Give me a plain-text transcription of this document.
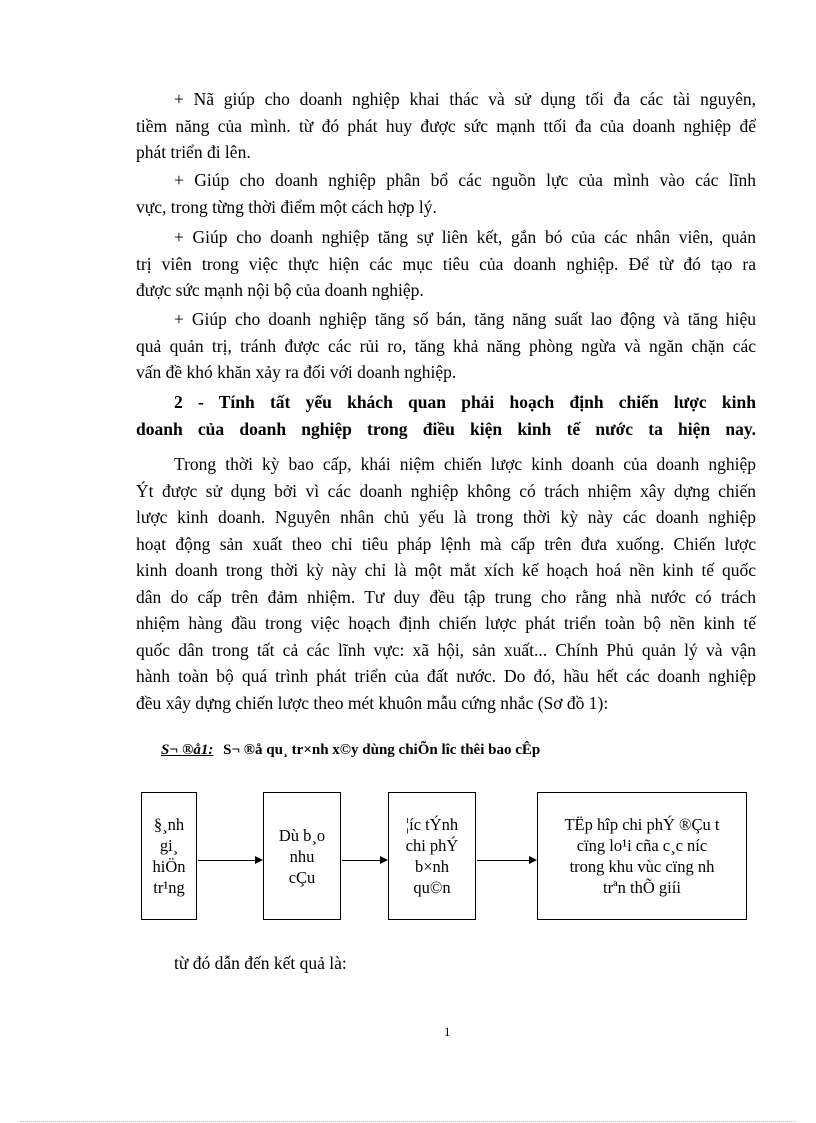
+ Nã giúp cho doanh nghiệp khai thác và sử dụng tối đa các tài nguyên,
tiềm năng của mình. từ đó phát huy được sức mạnh ttối đa của doanh nghiệp để
phát triển đi lên.

+ Giúp cho doanh nghiệp phân bổ các nguồn lực của mình vào các lĩnh
vực, trong từng thời điểm một cách hợp lý.

+ Giúp cho doanh nghiệp tăng sự liên kết, gắn bó của các nhân viên, quản
trị viên trong việc thực hiện các mục tiêu của doanh nghiệp. Để từ đó tạo ra
được sức mạnh nội bộ của doanh nghiệp.

+ Giúp cho doanh nghiệp tăng số bán, tăng năng suất lao động và tăng hiệu
quả quản trị, tránh được các rủi ro, tăng khả năng phòng ngừa và ngăn chặn các
vấn đề khó khăn xảy ra đối với doanh nghiệp.

2 - Tính tất yếu khách quan phải hoạch định chiến lược kinh
doanh của doanh nghiệp trong điều kiện kinh tế nước ta hiện nay.

Trong thời kỳ bao cấp, khái niệm chiến lược kinh doanh của doanh nghiệp
Ýt được sử dụng bởi vì các doanh nghiệp không có trách nhiệm xây dựng chiến
lược kinh doanh. Nguyên nhân chủ yếu là trong thời kỳ này các doanh nghiệp
hoạt động sản xuất theo chỉ tiêu pháp lệnh mà cấp trên đưa xuống. Chiến lược
kinh doanh trong thời kỳ này chỉ là một mắt xích kế hoạch hoá nền kinh tế quốc
dân do cấp trên đảm nhiệm. Tư duy đều tập trung cho rằng nhà nước có trách
nhiệm hàng đầu trong việc hoạch định chiến lược phát triển toàn bộ nền kinh tế
quốc dân trong tất cả các lĩnh vực: xã hội, sản xuất... Chính Phủ quản lý và vận
hành toàn bộ quá trình phát triển của đất nước. Do đó, hầu hết các doanh nghiệp
đều xây dựng chiến lược theo mét khuôn mẫu cứng nhắc (Sơ đồ 1):

S¬ ®å1: S¬ ®å qu¸ tr×nh x©y dùng chiÕn lîc thêi bao cÊp
§¸nh
gi¸
hiÖn
tr¹ng
Dù b¸o
nhu
cÇu
¦íc tÝnh
chi phÝ
b×nh
qu©n
TËp hîp chi phÝ ®Çu t
cïng lo¹i cña c¸c níc
trong khu vùc cïng nh
trªn thÕ giíi
từ đó dẫn đến kết quả là:
1
